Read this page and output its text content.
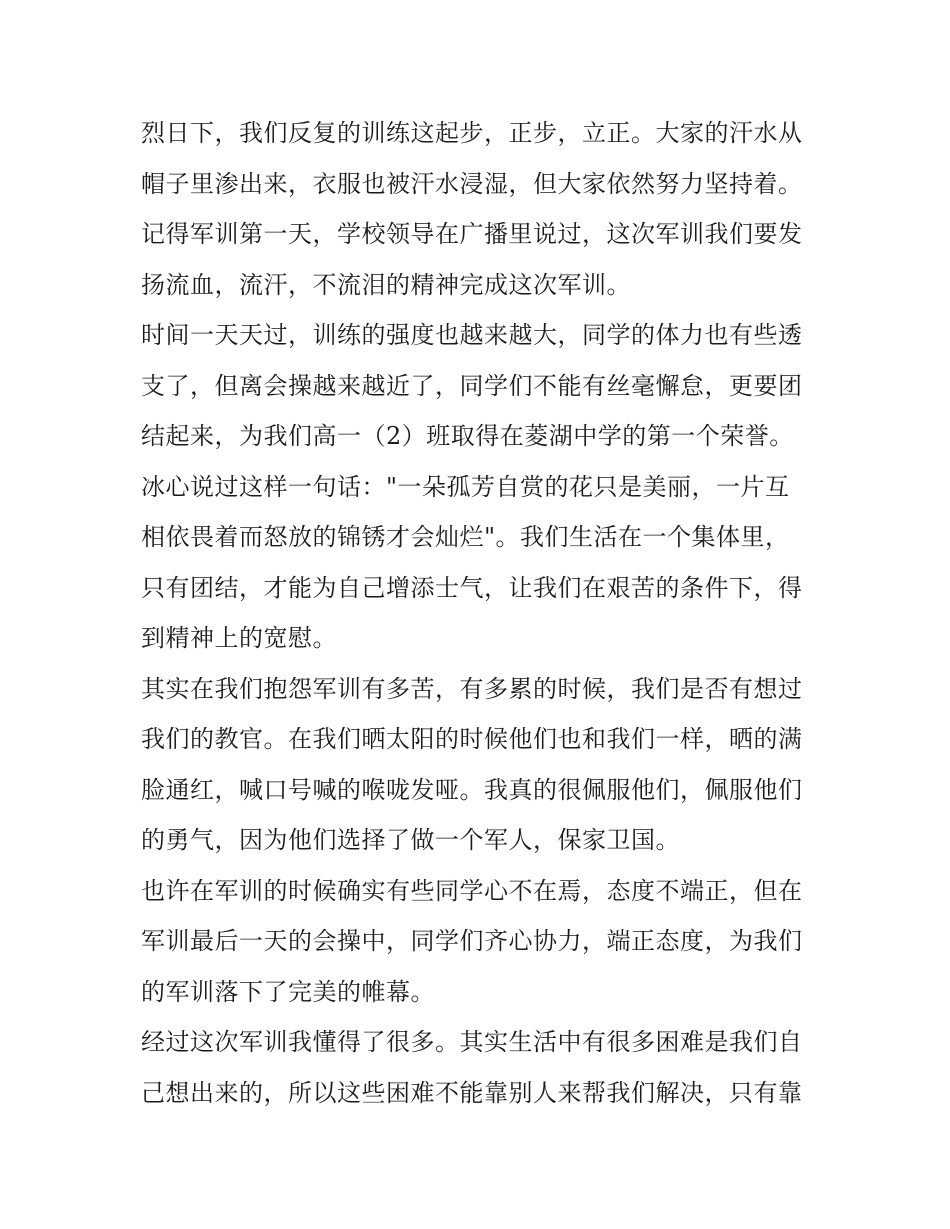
烈日下，我们反复的训练这起步，正步，立正。大家的汗水从
帽子里渗出来，衣服也被汗水浸湿，但大家依然努力坚持着。
记得军训第一天，学校领导在广播里说过，这次军训我们要发
扬流血，流汗，不流泪的精神完成这次军训。
时间一天天过，训练的强度也越来越大，同学的体力也有些透
支了，但离会操越来越近了，同学们不能有丝毫懈怠，更要团
结起来，为我们高一（2）班取得在菱湖中学的第一个荣誉。
冰心说过这样一句话："一朵孤芳自赏的花只是美丽，一片互
相依畏着而怒放的锦锈才会灿烂"。我们生活在一个集体里，
只有团结，才能为自己增添士气，让我们在艰苦的条件下，得
到精神上的宽慰。
其实在我们抱怨军训有多苦，有多累的时候，我们是否有想过
我们的教官。在我们晒太阳的时候他们也和我们一样，晒的满
脸通红，喊口号喊的喉咙发哑。我真的很佩服他们，佩服他们
的勇气，因为他们选择了做一个军人，保家卫国。
也许在军训的时候确实有些同学心不在焉，态度不端正，但在
军训最后一天的会操中，同学们齐心协力，端正态度，为我们
的军训落下了完美的帷幕。
经过这次军训我懂得了很多。其实生活中有很多困难是我们自
己想出来的，所以这些困难不能靠别人来帮我们解决，只有靠
